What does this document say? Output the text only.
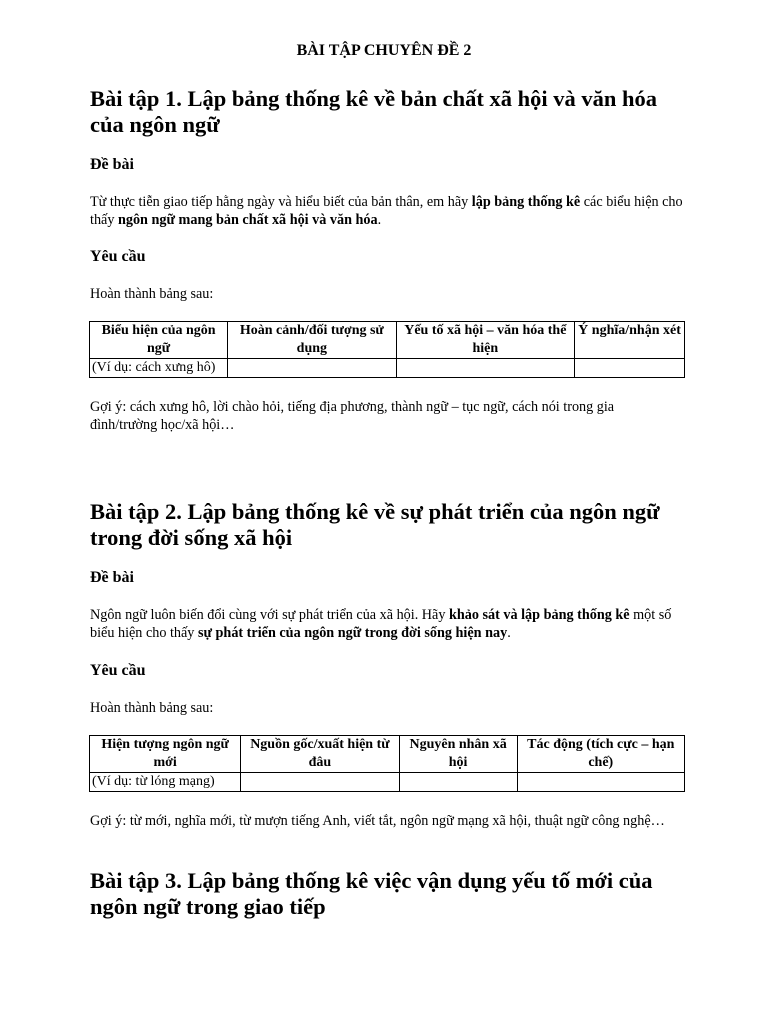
BÀI TẬP CHUYÊN ĐỀ 2
Bài tập 1. Lập bảng thống kê về bản chất xã hội và văn hóa của ngôn ngữ
Đề bài

Từ thực tiễn giao tiếp hằng ngày và hiểu biết của bản thân, em hãy lập bảng thống kê các biểu hiện cho thấy ngôn ngữ mang bản chất xã hội và văn hóa.

Yêu cầu

Hoàn thành bảng sau:

Biểu hiện của ngôn ngữ	Hoàn cảnh/đối tượng sử dụng	Yếu tố xã hội – văn hóa thể hiện	Ý nghĩa/nhận xét
(Ví dụ: cách xưng hô)			

Gợi ý: cách xưng hô, lời chào hỏi, tiếng địa phương, thành ngữ – tục ngữ, cách nói trong gia đình/trường học/xã hội…

Bài tập 2. Lập bảng thống kê về sự phát triển của ngôn ngữ trong đời sống xã hội
Đề bài

Ngôn ngữ luôn biến đổi cùng với sự phát triển của xã hội. Hãy khảo sát và lập bảng thống kê một số biểu hiện cho thấy sự phát triển của ngôn ngữ trong đời sống hiện nay.

Yêu cầu

Hoàn thành bảng sau:

Hiện tượng ngôn ngữ mới	Nguồn gốc/xuất hiện từ đâu	Nguyên nhân xã hội	Tác động (tích cực – hạn chế)
(Ví dụ: từ lóng mạng)			

Gợi ý: từ mới, nghĩa mới, từ mượn tiếng Anh, viết tắt, ngôn ngữ mạng xã hội, thuật ngữ công nghệ…

Bài tập 3. Lập bảng thống kê việc vận dụng yếu tố mới của ngôn ngữ trong giao tiếp
